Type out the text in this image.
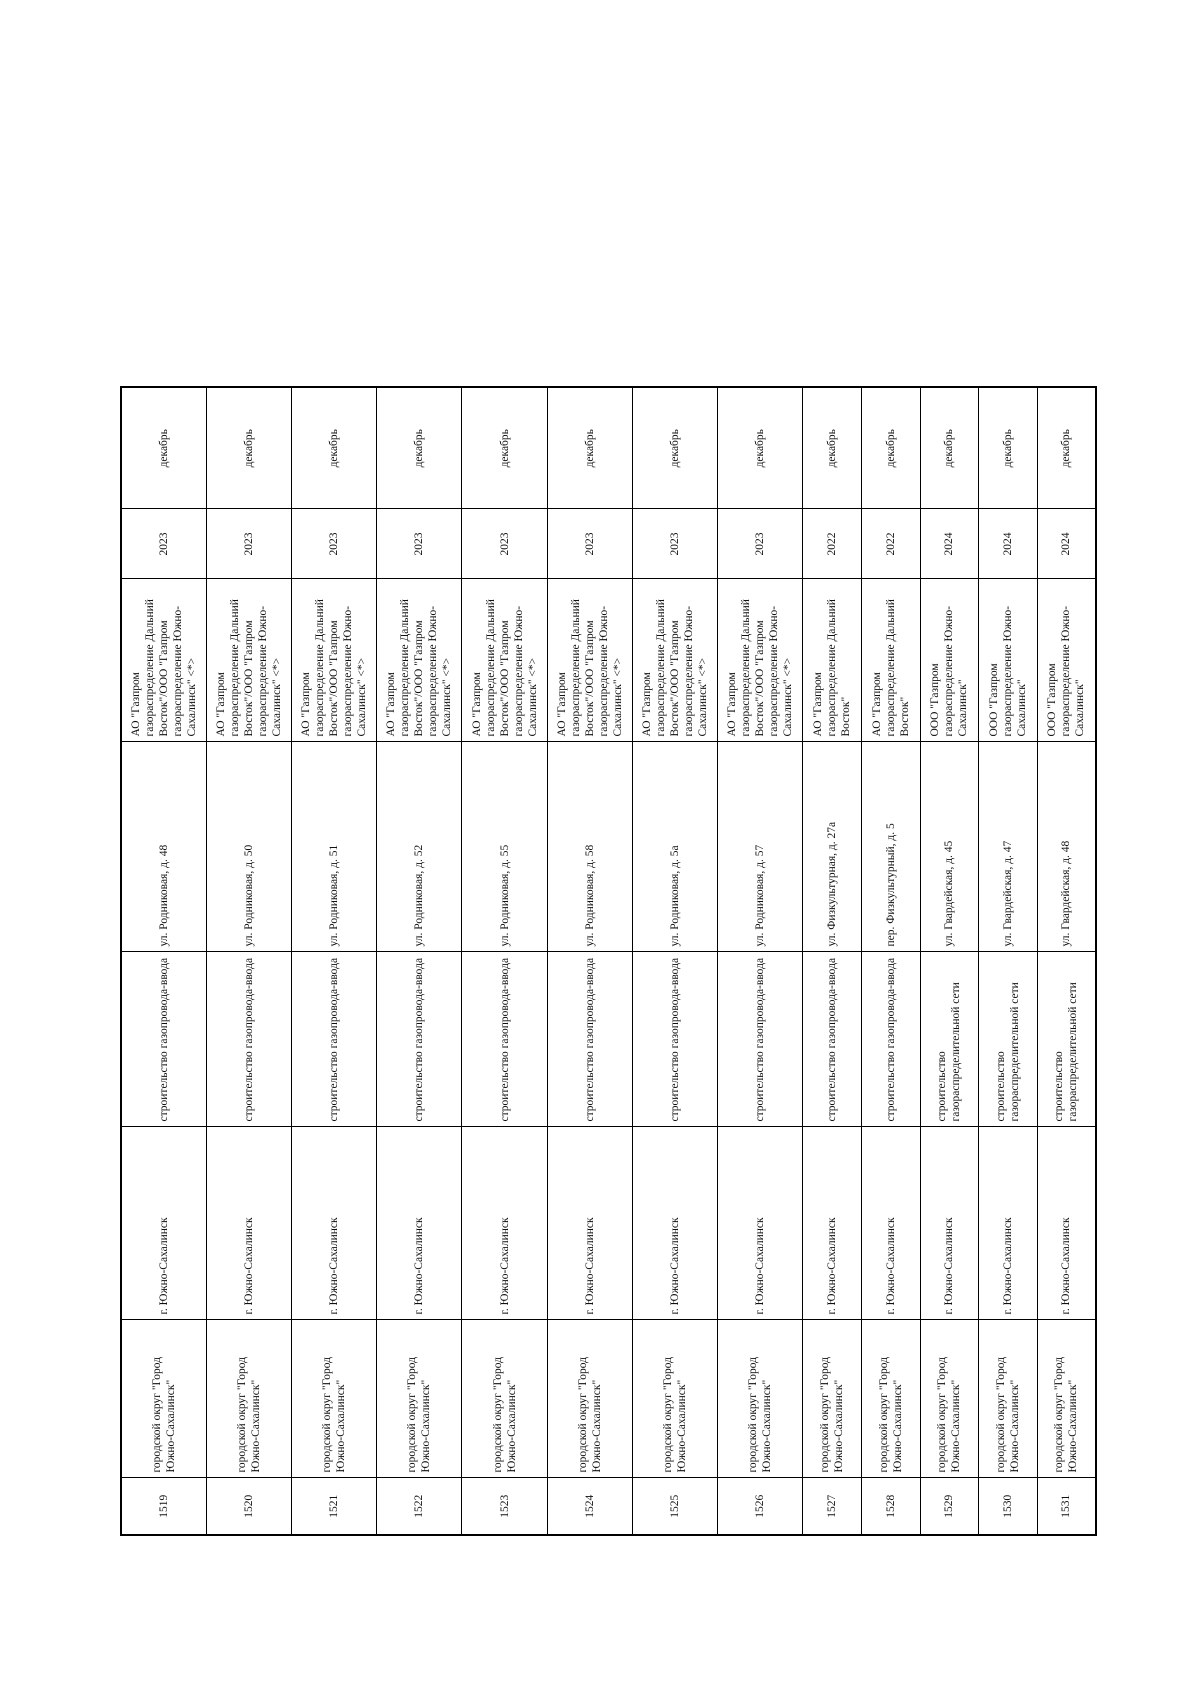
1519	городской округ "Город Южно-Сахалинск"	г. Южно-Сахалинск	строительство газопровода-ввода	ул. Родниковая, д. 48	АО "Газпром газораспределение Дальний Восток"/ООО "Газпром газораспределение Южно-Сахалинск" <*>	2023	декабрь
1520	городской округ "Город Южно-Сахалинск"	г. Южно-Сахалинск	строительство газопровода-ввода	ул. Родниковая, д. 50	АО "Газпром газораспределение Дальний Восток"/ООО "Газпром газораспределение Южно-Сахалинск" <*>	2023	декабрь
1521	городской округ "Город Южно-Сахалинск"	г. Южно-Сахалинск	строительство газопровода-ввода	ул. Родниковая, д. 51	АО "Газпром газораспределение Дальний Восток"/ООО "Газпром газораспределение Южно-Сахалинск" <*>	2023	декабрь
1522	городской округ "Город Южно-Сахалинск"	г. Южно-Сахалинск	строительство газопровода-ввода	ул. Родниковая, д. 52	АО "Газпром газораспределение Дальний Восток"/ООО "Газпром газораспределение Южно-Сахалинск" <*>	2023	декабрь
1523	городской округ "Город Южно-Сахалинск"	г. Южно-Сахалинск	строительство газопровода-ввода	ул. Родниковая, д. 55	АО "Газпром газораспределение Дальний Восток"/ООО "Газпром газораспределение Южно-Сахалинск" <*>	2023	декабрь
1524	городской округ "Город Южно-Сахалинск"	г. Южно-Сахалинск	строительство газопровода-ввода	ул. Родниковая, д. 58	АО "Газпром газораспределение Дальний Восток"/ООО "Газпром газораспределение Южно-Сахалинск" <*>	2023	декабрь
1525	городской округ "Город Южно-Сахалинск"	г. Южно-Сахалинск	строительство газопровода-ввода	ул. Родниковая, д. 5а	АО "Газпром газораспределение Дальний Восток"/ООО "Газпром газораспределение Южно-Сахалинск" <*>	2023	декабрь
1526	городской округ "Город Южно-Сахалинск"	г. Южно-Сахалинск	строительство газопровода-ввода	ул. Родниковая, д. 57	АО "Газпром газораспределение Дальний Восток"/ООО "Газпром газораспределение Южно-Сахалинск" <*>	2023	декабрь
1527	городской округ "Город Южно-Сахалинск"	г. Южно-Сахалинск	строительство газопровода-ввода	ул. Физкультурная, д. 27а	АО "Газпром газораспределение Дальний Восток"	2022	декабрь
1528	городской округ "Город Южно-Сахалинск"	г. Южно-Сахалинск	строительство газопровода-ввода	пер. Физкультурный, д. 5	АО "Газпром газораспределение Дальний Восток"	2022	декабрь
1529	городской округ "Город Южно-Сахалинск"	г. Южно-Сахалинск	строительство газораспределительной сети	ул. Гвардейская, д. 45	ООО "Газпром газораспределение Южно-Сахалинск"	2024	декабрь
1530	городской округ "Город Южно-Сахалинск"	г. Южно-Сахалинск	строительство газораспределительной сети	ул. Гвардейская, д. 47	ООО "Газпром газораспределение Южно-Сахалинск"	2024	декабрь
1531	городской округ "Город Южно-Сахалинск"	г. Южно-Сахалинск	строительство газораспределительной сети	ул. Гвардейская, д. 48	ООО "Газпром газораспределение Южно-Сахалинск"	2024	декабрь
